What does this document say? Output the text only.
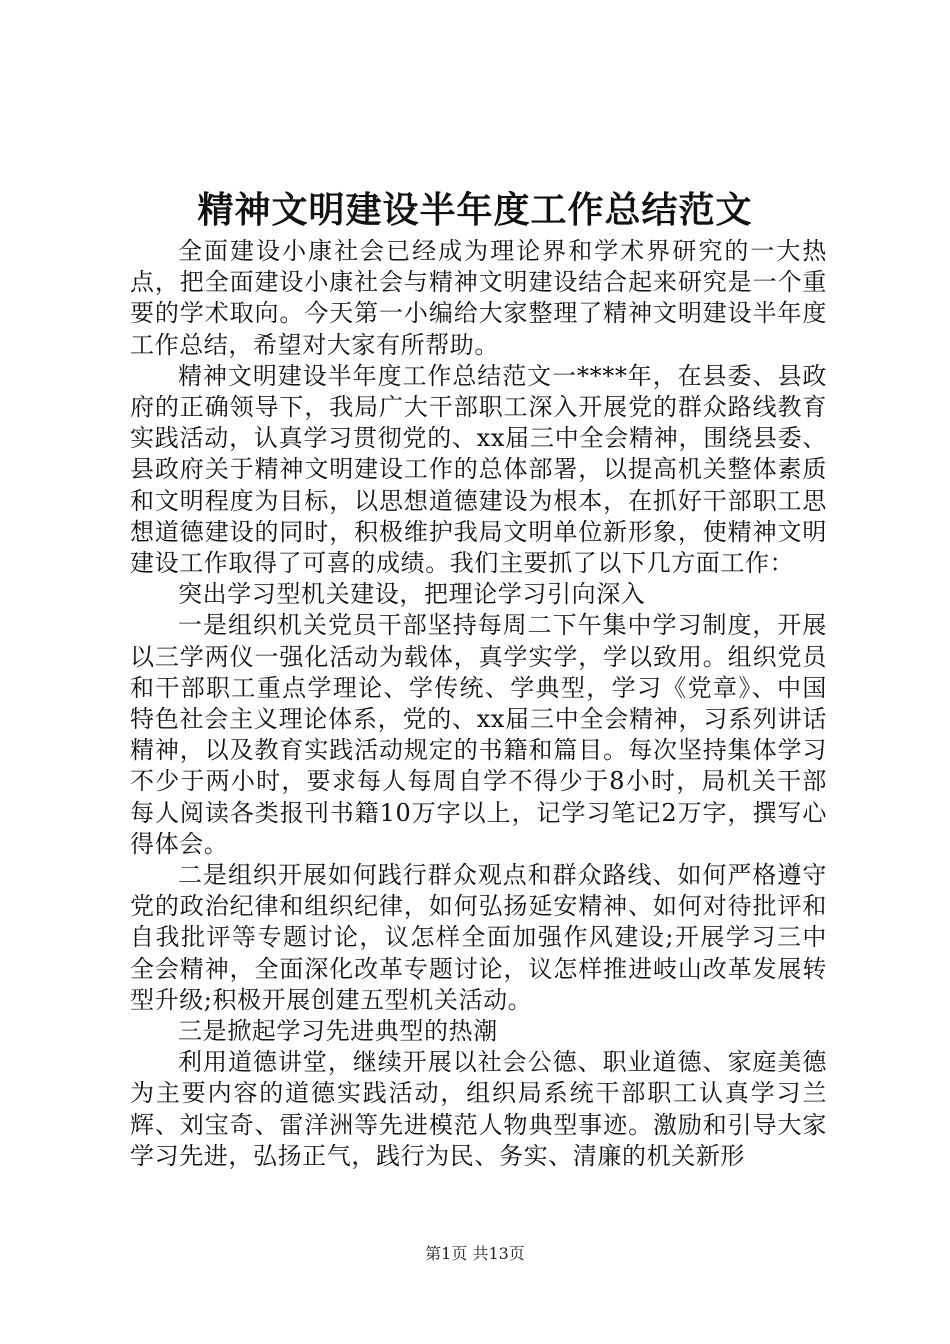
精神文明建设半年度工作总结范文

全面建设小康社会已经成为理论界和学术界研究的一大热点，把全面建设小康社会与精神文明建设结合起来研究是一个重要的学术取向。今天第一小编给大家整理了精神文明建设半年度工作总结，希望对大家有所帮助。

精神文明建设半年度工作总结范文一****年，在县委、县政府的正确领导下，我局广大干部职工深入开展党的群众路线教育实践活动，认真学习贯彻党的、xx届三中全会精神，围绕县委、县政府关于精神文明建设工作的总体部署，以提高机关整体素质和文明程度为目标，以思想道德建设为根本，在抓好干部职工思想道德建设的同时，积极维护我局文明单位新形象，使精神文明建设工作取得了可喜的成绩。我们主要抓了以下几方面工作：

突出学习型机关建设，把理论学习引向深入

一是组织机关党员干部坚持每周二下午集中学习制度，开展以三学两仪一强化活动为载体，真学实学，学以致用。组织党员和干部职工重点学理论、学传统、学典型，学习《党章》、中国特色社会主义理论体系，党的、xx届三中全会精神，习系列讲话精神，以及教育实践活动规定的书籍和篇目。每次坚持集体学习不少于两小时，要求每人每周自学不得少于8小时，局机关干部每人阅读各类报刊书籍10万字以上，记学习笔记2万字，撰写心得体会。

二是组织开展如何践行群众观点和群众路线、如何严格遵守党的政治纪律和组织纪律，如何弘扬延安精神、如何对待批评和自我批评等专题讨论，议怎样全面加强作风建设;开展学习三中全会精神，全面深化改革专题讨论，议怎样推进岐山改革发展转型升级;积极开展创建五型机关活动。

三是掀起学习先进典型的热潮

利用道德讲堂，继续开展以社会公德、职业道德、家庭美德为主要内容的道德实践活动，组织局系统干部职工认真学习兰辉、刘宝奇、雷洋洲等先进模范人物典型事迹。激励和引导大家学习先进，弘扬正气，践行为民、务实、清廉的机关新形

第1页 共13页
